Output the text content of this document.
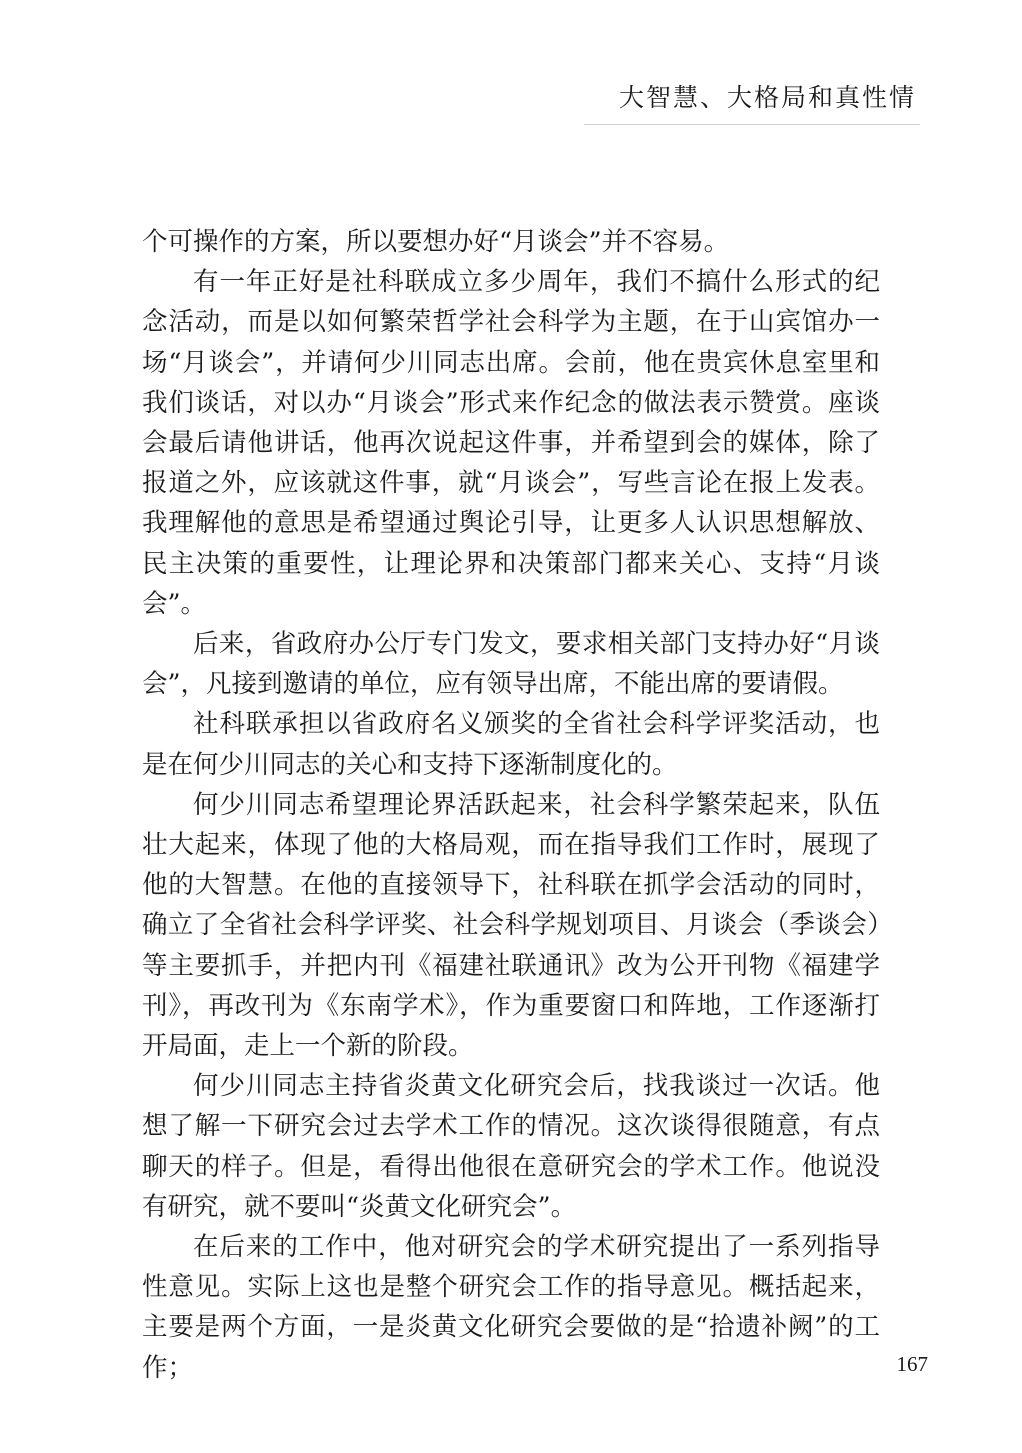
大智慧、大格局和真性情

个可操作的方案，所以要想办好“月谈会”并不容易。

有一年正好是社科联成立多少周年，我们不搞什么形式的纪念活动，而是以如何繁荣哲学社会科学为主题，在于山宾馆办一场“月谈会”，并请何少川同志出席。会前，他在贵宾休息室里和我们谈话，对以办“月谈会”形式来作纪念的做法表示赞赏。座谈会最后请他讲话，他再次说起这件事，并希望到会的媒体，除了报道之外，应该就这件事，就“月谈会”，写些言论在报上发表。我理解他的意思是希望通过舆论引导，让更多人认识思想解放、民主决策的重要性，让理论界和决策部门都来关心、支持“月谈会”。

后来，省政府办公厅专门发文，要求相关部门支持办好“月谈会”，凡接到邀请的单位，应有领导出席，不能出席的要请假。

社科联承担以省政府名义颁奖的全省社会科学评奖活动，也是在何少川同志的关心和支持下逐渐制度化的。

何少川同志希望理论界活跃起来，社会科学繁荣起来，队伍壮大起来，体现了他的大格局观，而在指导我们工作时，展现了他的大智慧。在他的直接领导下，社科联在抓学会活动的同时，确立了全省社会科学评奖、社会科学规划项目、月谈会（季谈会）等主要抓手，并把内刊《福建社联通讯》改为公开刊物《福建学刊》，再改刊为《东南学术》，作为重要窗口和阵地，工作逐渐打开局面，走上一个新的阶段。

何少川同志主持省炎黄文化研究会后，找我谈过一次话。他想了解一下研究会过去学术工作的情况。这次谈得很随意，有点聊天的样子。但是，看得出他很在意研究会的学术工作。他说没有研究，就不要叫“炎黄文化研究会”。

在后来的工作中，他对研究会的学术研究提出了一系列指导性意见。实际上这也是整个研究会工作的指导意见。概括起来，主要是两个方面，一是炎黄文化研究会要做的是“拾遗补阙”的工作；	167
